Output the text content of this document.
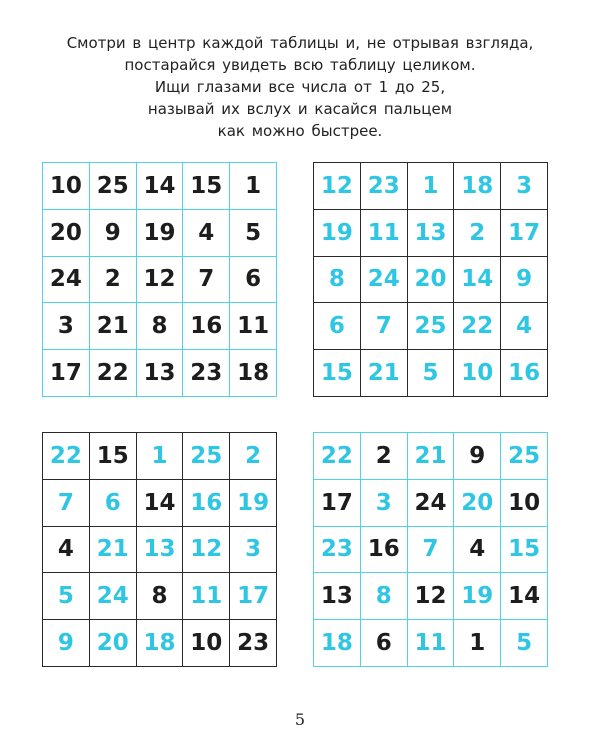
Смотри в центр каждой таблицы и, не отрывая взгляда,
постарайся увидеть всю таблицу целиком.
Ищи глазами все числа от 1 до 25,
называй их вслух и касайся пальцем
как можно быстрее.
10 25 14 15 1
20 9 19 4	5
24 2 12 7	6
3 21 8 16 11
17 22 13 23 18
12 23 1 18 3
19 11 13 2 17
8 24 20 14 9
6	7 25 22 4
15 21 5 10 16
22 15 1 25 2
7	6 14 16 19
4 21 13 12 3
5 24 8 11 17
9 20 18 10 23
22 2 21 9 25
17 3 24 20 10
23 16 7	4 15
13 8 12 19 14
18 6 11 1	5
5
